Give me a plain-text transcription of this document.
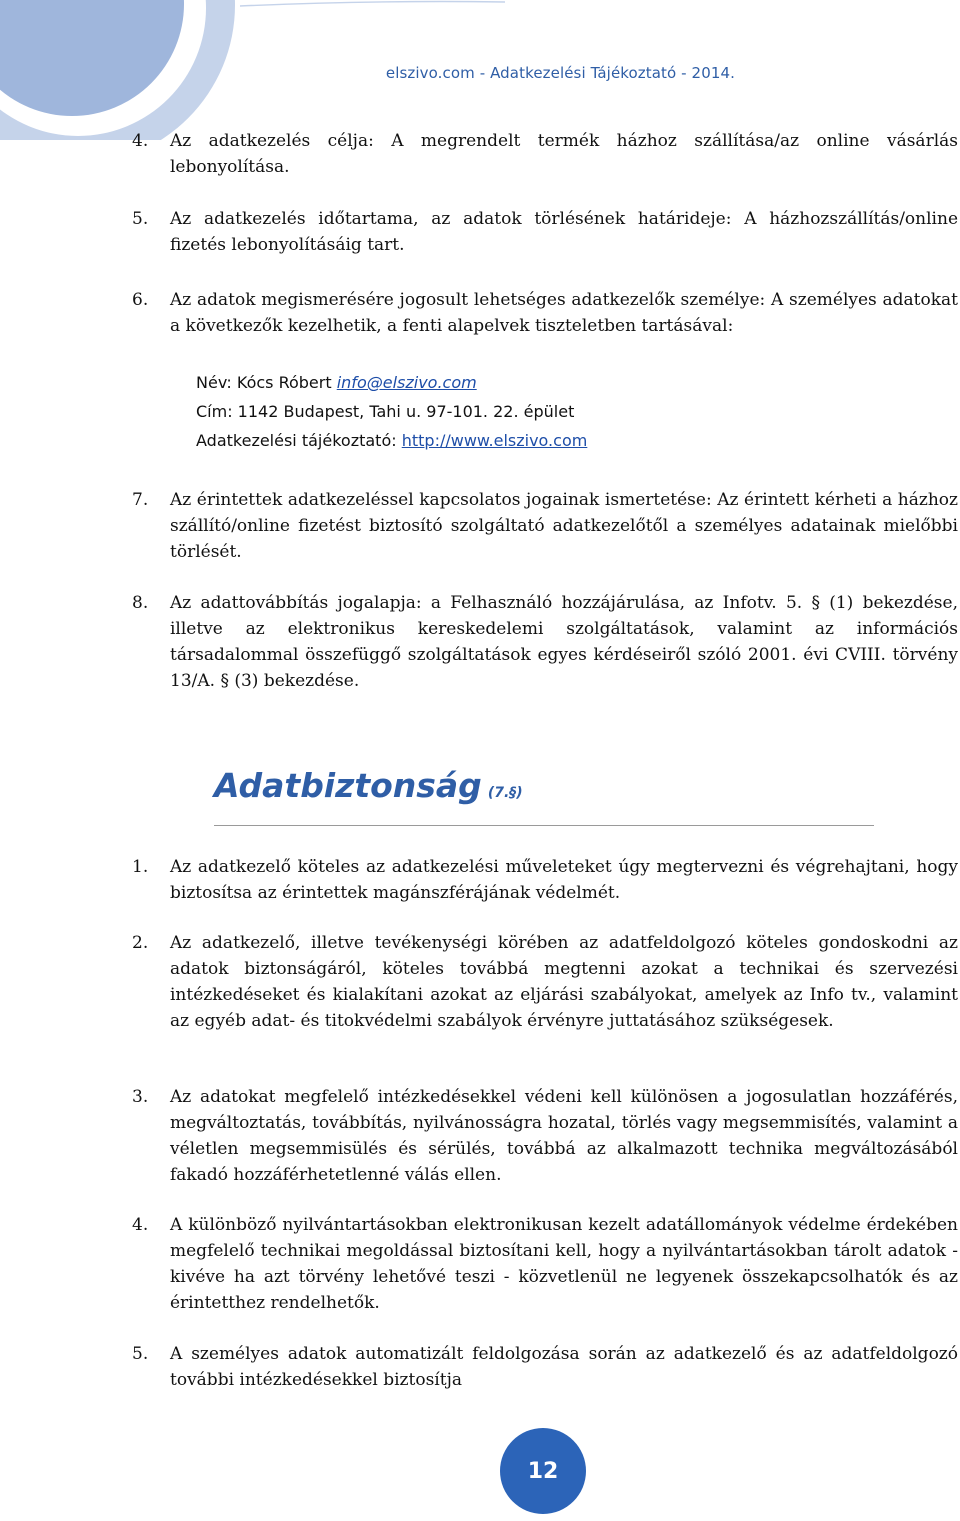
elszivo.com - Adatkezelési Tájékoztató - 2014.
4.	Az adatkezelés célja: A megrendelt termék házhoz szállítása/az online vásárlás lebonyolítása.
5.	Az adatkezelés időtartama, az adatok törlésének határideje: A házhozszállítás/online fizetés lebonyolításáig tart.
6.	Az adatok megismerésére jogosult lehetséges adatkezelők személye: A személyes adatokat a következők kezelhetik, a fenti alapelvek tiszteletben tartásával:
Név: Kócs Róbert info@elszivo.com
Cím: 1142 Budapest, Tahi u. 97-101. 22. épület
Adatkezelési tájékoztató: http://www.elszivo.com
7.	Az érintettek adatkezeléssel kapcsolatos jogainak ismertetése: Az érintett kérheti a házhoz szállító/online fizetést biztosító szolgáltató adatkezelőtől a személyes adatainak mielőbbi törlését.
8.	Az adattovábbítás jogalapja: a Felhasználó hozzájárulása, az Infotv. 5. § (1) bekezdése, illetve az elektronikus kereskedelemi szolgáltatások, valamint az információs társadalommal összefüggő szolgáltatások egyes kérdéseiről szóló 2001. évi CVIII. törvény 13/A. § (3) bekezdése.
Adatbiztonság (7.§)
1.	Az adatkezelő köteles az adatkezelési műveleteket úgy megtervezni és végrehajtani, hogy biztosítsa az érintettek magánszférájának védelmét.
2.	Az adatkezelő, illetve tevékenységi körében az adatfeldolgozó köteles gondoskodni az adatok biztonságáról, köteles továbbá megtenni azokat a technikai és szervezési intézkedéseket és kialakítani azokat az eljárási szabályokat, amelyek az Info tv., valamint az egyéb adat- és titokvédelmi szabályok érvényre juttatásához szükségesek.
3.	Az adatokat megfelelő intézkedésekkel védeni kell különösen a jogosulatlan hozzáférés, megváltoztatás, továbbítás, nyilvánosságra hozatal, törlés vagy megsemmisítés, valamint a véletlen megsemmisülés és sérülés, továbbá az alkalmazott technika megváltozásából fakadó hozzáférhetetlenné válás ellen.
4.	A különböző nyilvántartásokban elektronikusan kezelt adatállományok védelme érdekében megfelelő technikai megoldással biztosítani kell, hogy a nyilvántartásokban tárolt adatok - kivéve ha azt törvény lehetővé teszi - közvetlenül ne legyenek összekapcsolhatók és az érintetthez rendelhetők.
5.	A személyes adatok automatizált feldolgozása során az adatkezelő és az adatfeldolgozó további intézkedésekkel biztosítja
12
